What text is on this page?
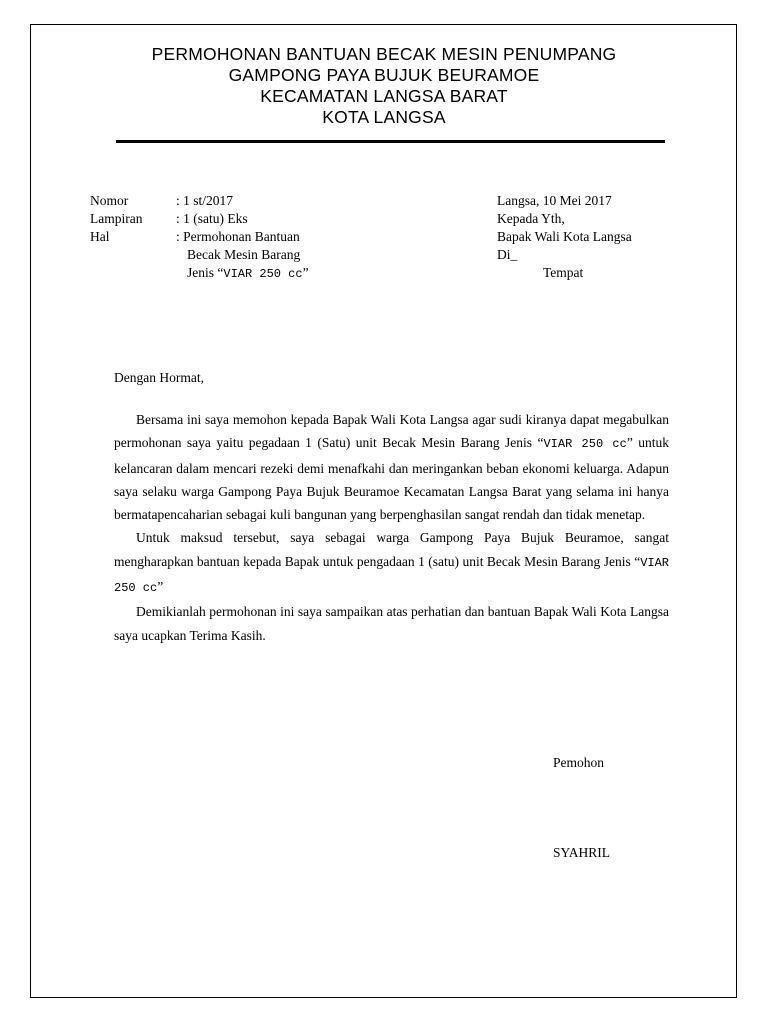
PERMOHONAN BANTUAN BECAK MESIN PENUMPANG
GAMPONG PAYA BUJUK BEURAMOE
KECAMATAN LANGSA BARAT
KOTA LANGSA
Nomor
Lampiran
Hal
: 1 st/2017
: 1 (satu) Eks
: Permohonan Bantuan
Becak Mesin Barang
Jenis “VIAR 250 cc”
Langsa, 10 Mei 2017
Kepada Yth,
Bapak Wali Kota Langsa
Di_
Tempat
Dengan Hormat,

Bersama ini saya memohon kepada Bapak Wali Kota Langsa agar sudi kiranya dapat megabulkan permohonan saya yaitu pegadaan 1 (Satu) unit Becak Mesin Barang Jenis “VIAR 250 cc” untuk kelancaran dalam mencari rezeki demi menafkahi dan meringankan beban ekonomi keluarga. Adapun saya selaku warga Gampong Paya Bujuk Beuramoe Kecamatan Langsa Barat yang selama ini hanya bermatapencaharian sebagai kuli bangunan yang berpenghasilan sangat rendah dan tidak menetap.

Untuk maksud tersebut, saya sebagai warga Gampong Paya Bujuk Beuramoe, sangat mengharapkan bantuan kepada Bapak untuk pengadaan 1 (satu) unit Becak Mesin Barang Jenis “VIAR 250 cc”

Demikianlah permohonan ini saya sampaikan atas perhatian dan bantuan Bapak Wali Kota Langsa saya ucapkan Terima Kasih.

Pemohon
SYAHRIL
